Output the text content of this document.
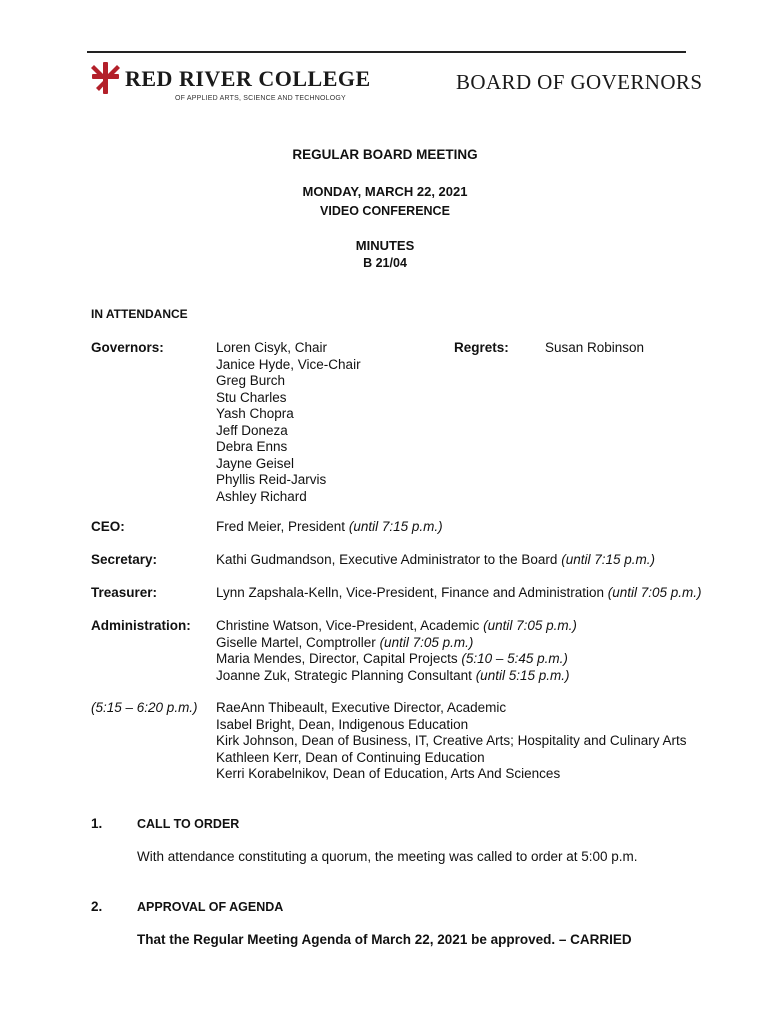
RED RIVER COLLEGE
OF APPLIED ARTS, SCIENCE AND TECHNOLOGY
BOARD OF GOVERNORS
REGULAR BOARD MEETING
MONDAY, MARCH 22, 2021
VIDEO CONFERENCE
MINUTES
B 21/04
IN ATTENDANCE
Governors:	Loren Cisyk, Chair
Janice Hyde, Vice-Chair
Greg Burch
Stu Charles
Yash Chopra
Jeff Doneza
Debra Enns
Jayne Geisel
Phyllis Reid-Jarvis
Ashley Richard
Regrets:	Susan Robinson
CEO:	Fred Meier, President (until 7:15 p.m.)
Secretary:	Kathi Gudmandson, Executive Administrator to the Board (until 7:15 p.m.)
Treasurer:	Lynn Zapshala-Kelln, Vice-President, Finance and Administration (until 7:05 p.m.)
Administration: Christine Watson, Vice-President, Academic (until 7:05 p.m.)
Giselle Martel, Comptroller (until 7:05 p.m.)
Maria Mendes, Director, Capital Projects (5:10 – 5:45 p.m.)
Joanne Zuk, Strategic Planning Consultant (until 5:15 p.m.)
(5:15 – 6:20 p.m.) RaeAnn Thibeault, Executive Director, Academic
Isabel Bright, Dean, Indigenous Education
Kirk Johnson, Dean of Business, IT, Creative Arts; Hospitality and Culinary Arts
Kathleen Kerr, Dean of Continuing Education
Kerri Korabelnikov, Dean of Education, Arts And Sciences
1.	CALL TO ORDER
With attendance constituting a quorum, the meeting was called to order at 5:00 p.m.
2.	APPROVAL OF AGENDA
That the Regular Meeting Agenda of March 22, 2021 be approved. – CARRIED
